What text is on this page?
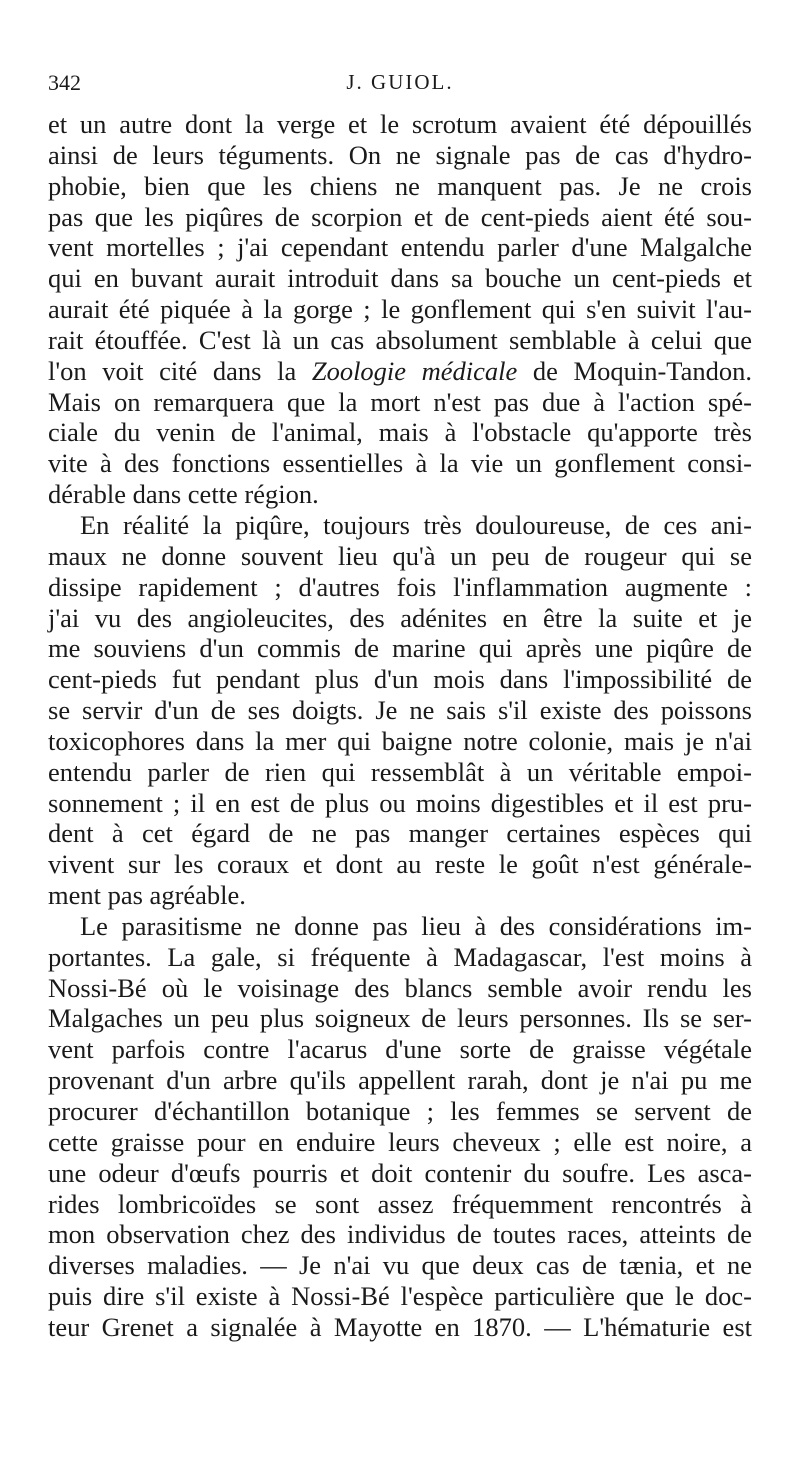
342	J. GUIOL.
et un autre dont la verge et le scrotum avaient été dépouillés
ainsi de leurs téguments. On ne signale pas de cas d'hydro-
phobie, bien que les chiens ne manquent pas. Je ne crois
pas que les piqûres de scorpion et de cent-pieds aient été sou-
vent mortelles ; j'ai cependant entendu parler d'une Malgalche
qui en buvant aurait introduit dans sa bouche un cent-pieds et
aurait été piquée à la gorge ; le gonflement qui s'en suivit l'au-
rait étouffée. C'est là un cas absolument semblable à celui que
l'on voit cité dans la Zoologie médicale de Moquin-Tandon.
Mais on remarquera que la mort n'est pas due à l'action spé-
ciale du venin de l'animal, mais à l'obstacle qu'apporte très
vite à des fonctions essentielles à la vie un gonflement consi-
dérable dans cette région.
En réalité la piqûre, toujours très douloureuse, de ces ani-
maux ne donne souvent lieu qu'à un peu de rougeur qui se
dissipe rapidement ; d'autres fois l'inflammation augmente :
j'ai vu des angioleucites, des adénites en être la suite et je
me souviens d'un commis de marine qui après une piqûre de
cent-pieds fut pendant plus d'un mois dans l'impossibilité de
se servir d'un de ses doigts. Je ne sais s'il existe des poissons
toxicophores dans la mer qui baigne notre colonie, mais je n'ai
entendu parler de rien qui ressemblât à un véritable empoi-
sonnement ; il en est de plus ou moins digestibles et il est pru-
dent à cet égard de ne pas manger certaines espèces qui
vivent sur les coraux et dont au reste le goût n'est générale-
ment pas agréable.
Le parasitisme ne donne pas lieu à des considérations im-
portantes. La gale, si fréquente à Madagascar, l'est moins à
Nossi-Bé où le voisinage des blancs semble avoir rendu les
Malgaches un peu plus soigneux de leurs personnes. Ils se ser-
vent parfois contre l'acarus d'une sorte de graisse végétale
provenant d'un arbre qu'ils appellent rarah, dont je n'ai pu me
procurer d'échantillon botanique ; les femmes se servent de
cette graisse pour en enduire leurs cheveux ; elle est noire, a
une odeur d'œufs pourris et doit contenir du soufre. Les asca-
rides lombricoïdes se sont assez fréquemment rencontrés à
mon observation chez des individus de toutes races, atteints de
diverses maladies. — Je n'ai vu que deux cas de tænia, et ne
puis dire s'il existe à Nossi-Bé l'espèce particulière que le doc-
teur Grenet a signalée à Mayotte en 1870. — L'hématurie est
